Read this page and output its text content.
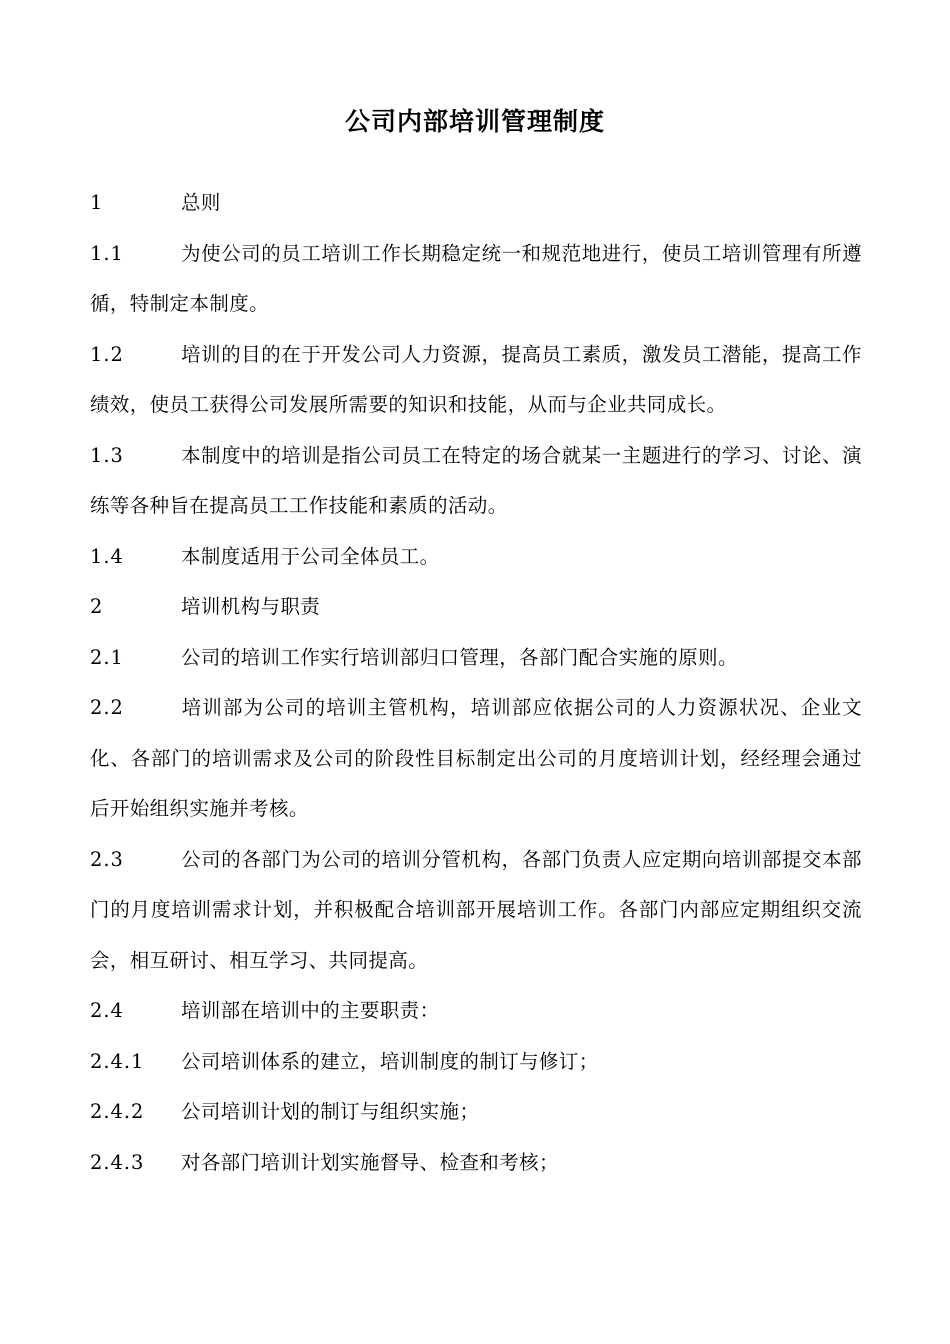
公司内部培训管理制度

1	总则

1.1	为使公司的员工培训工作长期稳定统一和规范地进行，使员工培训管理有所遵循，特制定本制度。

1.2	培训的目的在于开发公司人力资源，提高员工素质，激发员工潜能，提高工作绩效，使员工获得公司发展所需要的知识和技能，从而与企业共同成长。

1.3	本制度中的培训是指公司员工在特定的场合就某一主题进行的学习、讨论、演练等各种旨在提高员工工作技能和素质的活动。

1.4	本制度适用于公司全体员工。

2	培训机构与职责

2.1	公司的培训工作实行培训部归口管理，各部门配合实施的原则。

2.2	培训部为公司的培训主管机构，培训部应依据公司的人力资源状况、企业文化、各部门的培训需求及公司的阶段性目标制定出公司的月度培训计划，经经理会通过后开始组织实施并考核。

2.3	公司的各部门为公司的培训分管机构，各部门负责人应定期向培训部提交本部门的月度培训需求计划，并积极配合培训部开展培训工作。各部门内部应定期组织交流会，相互研讨、相互学习、共同提高。

2.4	培训部在培训中的主要职责：

2.4.1 公司培训体系的建立，培训制度的制订与修订；

2.4.2 公司培训计划的制订与组织实施；

2.4.3 对各部门培训计划实施督导、检查和考核；
